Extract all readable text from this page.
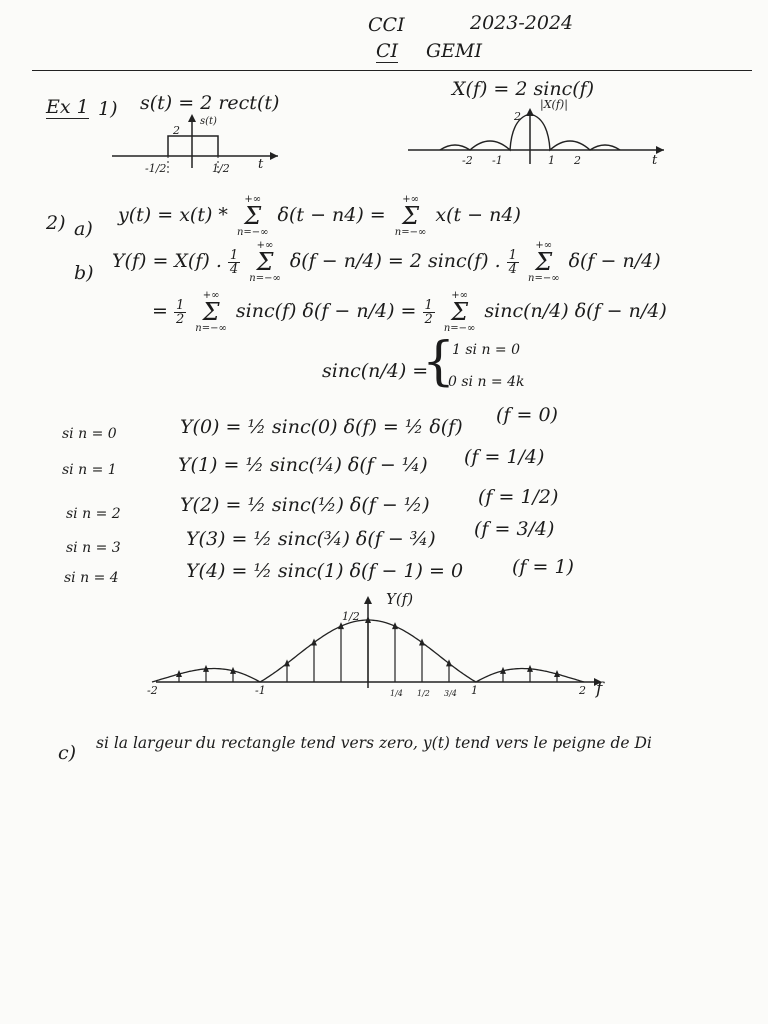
CCI	2023-2024
CI GEMI
Ex 1 1) s(t) = 2 rect(t)
X(f) = 2 sinc(f)
s(t)
2
-1/2	1/2 t
|X(f)|
2
-2 -1	1 2	t
Y(f)
1/2
-2	-1	1/4 1/2 3/4 1	2 f
2) a)
y(t) = x(t) * +∞
Σ
n=−∞ δ(t − n4) = +∞
Σ
n=−∞ x(t − n4)
b)
Y(f) = X(f) . $\frac{1}{4}$
+∞
Σ
n=−∞ δ(f − n/4) = 2 sinc(f) . $\frac{1}{4}$
+∞
Σ
n=−∞ δ(f − n/4)
= $\frac{1}{2}$
+∞
Σ
n=−∞ sinc(f) $\delta(f - n/4) = \frac{1}{2}$
+∞
Σ
n=−∞ sinc(n/4) δ(f − n/4)
sinc(n/4) =
{
1 si n = 0
0 si n = 4k
si n = 0	Y(0) = ½ sinc(0) δ(f) = ½ δ(f)
(f = 0)
si n = 1	Y(1) = ½ sinc(¼) δ(f − ¼) (f = 1/4)
si n = 2	Y(2) = ½ sinc(½) δ(f − ½)	(f = 1/2)
si n = 3	Y(3) = ½ sinc(¾) δ(f − ¾) (f = 3/4)
si n = 4	Y(4) = ½ sinc(1) δ(f − 1) = 0	(f = 1)
c) si la largeur du rectangle tend vers zero, y(t) tend vers le peigne de Di
